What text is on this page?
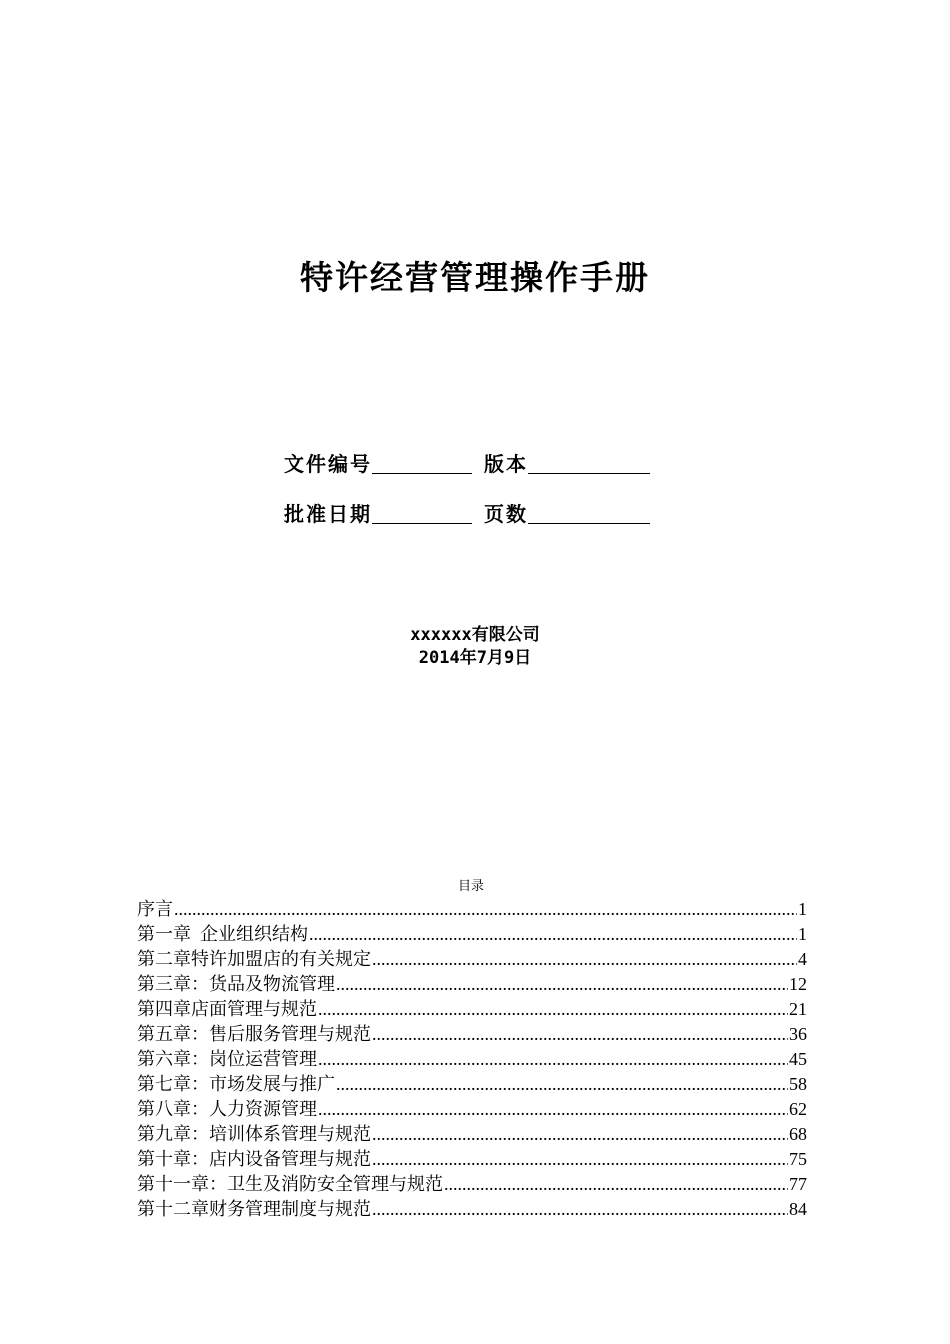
特许经营管理操作手册
文件编号	版本
批准日期	页数
xxxxxx有限公司
2014年7月9日
目录
序言 .....	1
第一章  企业组织结构 .....	1
第二章特许加盟店的有关规定 .....	4
第三章：货品及物流管理 .....	12
第四章店面管理与规范 .....	21
第五章：售后服务管理与规范 .....	36
第六章：岗位运营管理 .....	45
第七章：市场发展与推广 .....	58
第八章：人力资源管理 .....	62
第九章：培训体系管理与规范 .....	68
第十章：店内设备管理与规范 .....	75
第十一章：卫生及消防安全管理与规范 .....	77
第十二章财务管理制度与规范 .....	84
